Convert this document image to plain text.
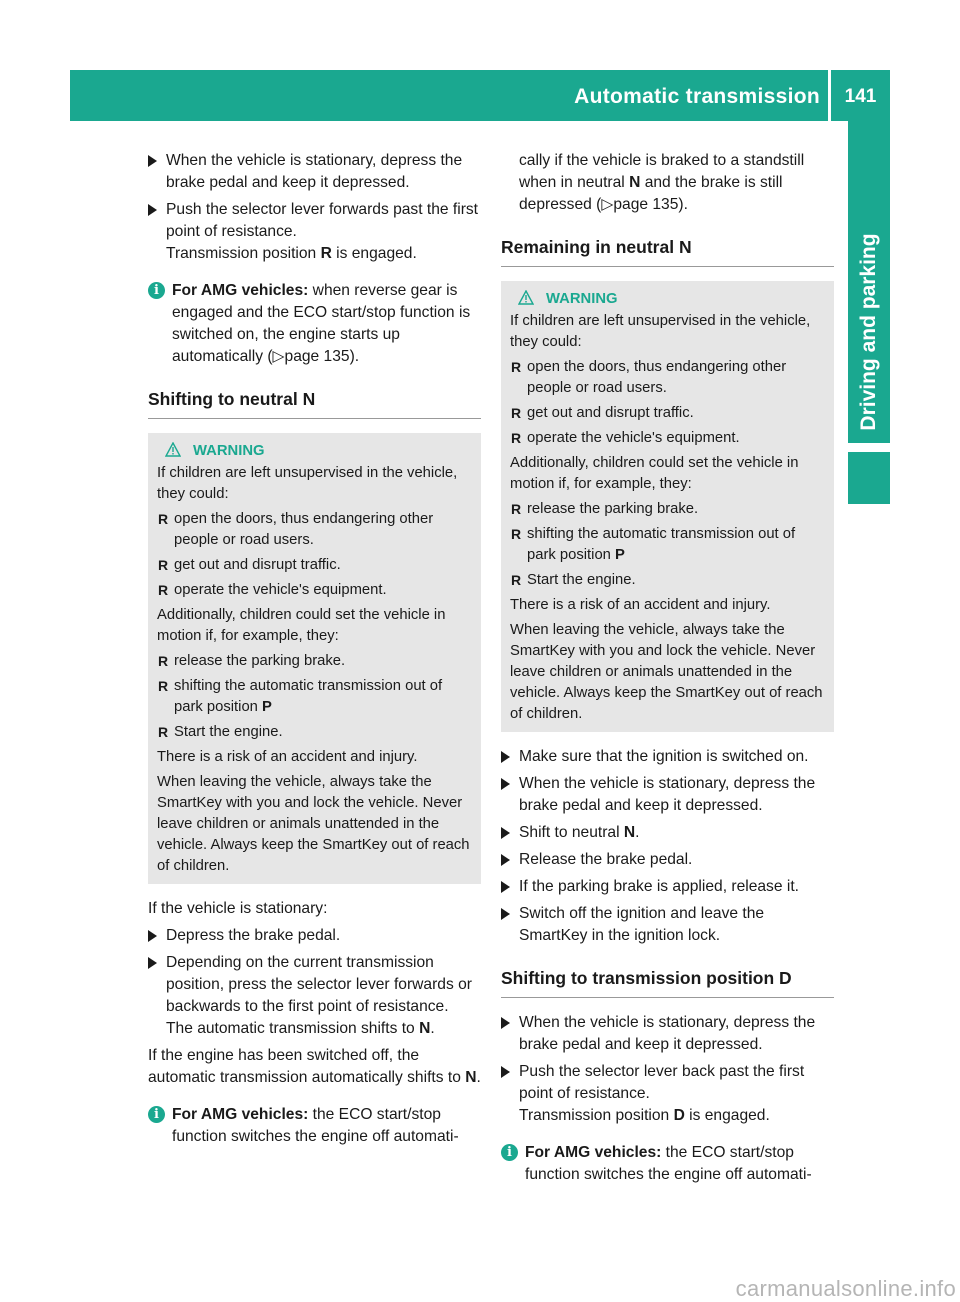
Automatic transmission	141
Driving and parking
When the vehicle is stationary, depress the brake pedal and keep it depressed.
Push the selector lever forwards past the first point of resistance.
Transmission position R is engaged.
i For AMG vehicles: when reverse gear is engaged and the ECO start/stop function is switched on, the engine starts up automatically (▷page 135).
Shifting to neutral N
WARNING

If children are left unsupervised in the vehicle, they could:

R open the doors, thus endangering other people or road users.
R get out and disrupt traffic.
R operate the vehicle's equipment.

Additionally, children could set the vehicle in motion if, for example, they:

R release the parking brake.
R shifting the automatic transmission out of park position P
R Start the engine.

There is a risk of an accident and injury.

When leaving the vehicle, always take the SmartKey with you and lock the vehicle. Never leave children or animals unattended in the vehicle. Always keep the SmartKey out of reach of children.

If the vehicle is stationary:

Depress the brake pedal.
Depending on the current transmission position, press the selector lever forwards or backwards to the first point of resistance.
The automatic transmission shifts to N.

If the engine has been switched off, the automatic transmission automatically shifts to N.

i For AMG vehicles: the ECO start/stop function switches the engine off automati-

cally if the vehicle is braked to a standstill when in neutral N and the brake is still depressed (▷page 135).

Remaining in neutral N
WARNING

If children are left unsupervised in the vehicle, they could:

R open the doors, thus endangering other people or road users.
R get out and disrupt traffic.
R operate the vehicle's equipment.

Additionally, children could set the vehicle in motion if, for example, they:

R release the parking brake.
R shifting the automatic transmission out of park position P
R Start the engine.

There is a risk of an accident and injury.

When leaving the vehicle, always take the SmartKey with you and lock the vehicle. Never leave children or animals unattended in the vehicle. Always keep the SmartKey out of reach of children.

Make sure that the ignition is switched on.
When the vehicle is stationary, depress the brake pedal and keep it depressed.
Shift to neutral N.
Release the brake pedal.
If the parking brake is applied, release it.
Switch off the ignition and leave the SmartKey in the ignition lock.
Shifting to transmission position D
When the vehicle is stationary, depress the brake pedal and keep it depressed.
Push the selector lever back past the first point of resistance.
Transmission position D is engaged.
i For AMG vehicles: the ECO start/stop function switches the engine off automati-
carmanualsonline.info
